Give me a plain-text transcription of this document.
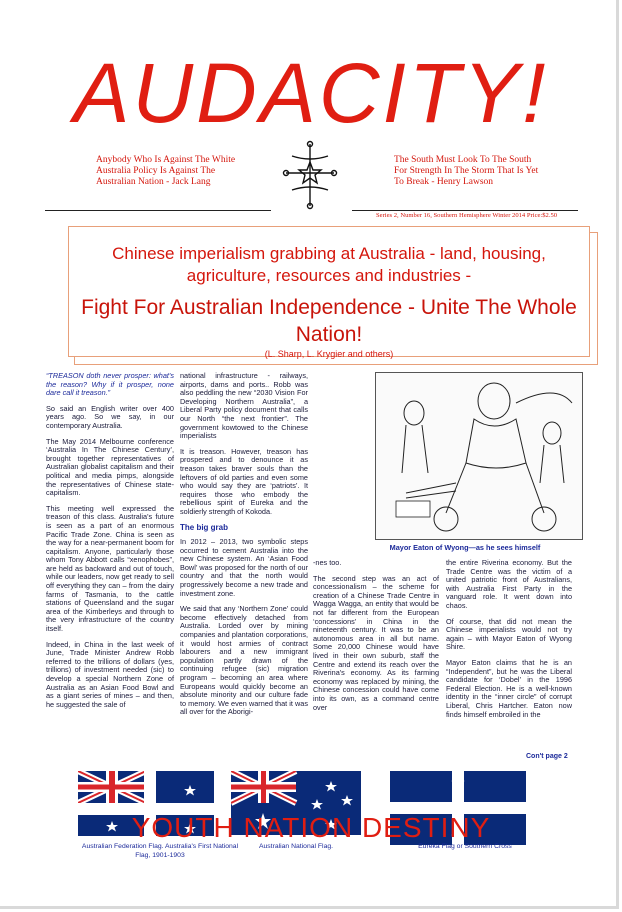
AUDACITY!
Anybody Who Is Against The White Australia Policy Is Against The Australian Nation - Jack Lang
The South Must Look To The South For Strength In The Storm That Is Yet To Break - Henry Lawson
Series 2, Number 16, Southern Hemisphere Winter 2014 Price:$2.50
Chinese imperialism grabbing at Australia - land, housing, agriculture, resources and industries -
Fight For Australian Independence - Unite The Whole Nation!
(L. Sharp, L. Krygier and others)

“TREASON doth never prosper: what's the reason? Why if it prosper, none dare call it treason.”

So said an English writer over 400 years ago. So we say, in our contemporary Australia.

The May 2014 Melbourne conference ‘Australia In The Chinese Century’, brought together representatives of Australian globalist capitalism and their political and media pimps, alongside the representatives of Chinese state-capitalism.

This meeting well expressed the treason of this class. Australia's future is seen as a part of an enormous Pacific Trade Zone. China is seen as the way for a near-permanent boom for capitalism. Anyone, particularly those whom Tony Abbott calls “xenophobes”, are held as backward and out of touch, while our leaders, now get ready to sell off everything they can – from the dairy farms of Tasmania, to the cattle stations of Queensland and the sugar area of the Kimberleys and through to the very infrastructure of the country itself.

Indeed, in China in the last week of June, Trade Minister Andrew Robb referred to the trillions of dollars (yes, trillions) of investment needed (sic) to develop a special Northern Zone of Australia as an Asian Food Bowl and as a giant series of mines – and then, he suggested the sale of

national infrastructure - railways, airports, dams and ports.. Robb was also peddling the new “2030 Vision For Developing Northern Australia”, a Liberal Party policy document that calls our North “the next frontier”. The government kowtowed to the Chinese imperialists

It is treason. However, treason has prospered and to denounce it as treason takes braver souls than the leftovers of old parties and even some who would say they are ‘patriots’. It requires those who embody the rebellious spirit of Eureka and the soldierly strength of Kokoda.

The big grab

In 2012 – 2013, two symbolic steps occurred to cement Australia into the new Chinese system. An ‘Asian Food Bowl’ was proposed for the north of our country and that the north would progressively become a new trade and investment zone.

We said that any ‘Northern Zone’ could become effectively detached from Australia. Lorded over by mining companies and plantation corporations, it would host armies of contract labourers and a new immigrant population partly drawn of the continuing refugee (sic) migration program – becoming an area where Europeans would quickly become an absolute minority and our culture fade to memory. We even warned that it was all over for the Aborigi-

Mayor Eaton of Wyong—as he sees himself

-nes too.

The second step was an act of concessionalism – the scheme for creation of a Chinese Trade Centre in Wagga Wagga, an entity that would be not far different from the European ‘concessions’ in China in the nineteenth century. It was to be an autonomous area in all but name. Some 20,000 Chinese would have lived in their own suburb, staff the Centre and extend its reach over the Riverina's economy. As its farming economy was replaced by mining, the Chinese concession could have come into its own, as a command centre over

the entire Riverina economy. But the Trade Centre was the victim of a united patriotic front of Australians, with Australia First Party in the vanguard role. It went down into chaos.

Of course, that did not mean the Chinese imperialists would not try again – with Mayor Eaton of Wyong Shire.

Mayor Eaton claims that he is an “Independent”, but he was the Liberal candidate for ‘Dobel’ in the 1996 Federal Election. He is a well-known identity in the “inner circle” of corrupt Liberal, Chris Hartcher. Eaton now finds himself embroiled in the

Con't page 2
Australian Federation Flag. Australia's First National Flag, 1901-1903
Australian National Flag.	Eureka Flag or Southern Cross
YOUTH NATION DESTINY
